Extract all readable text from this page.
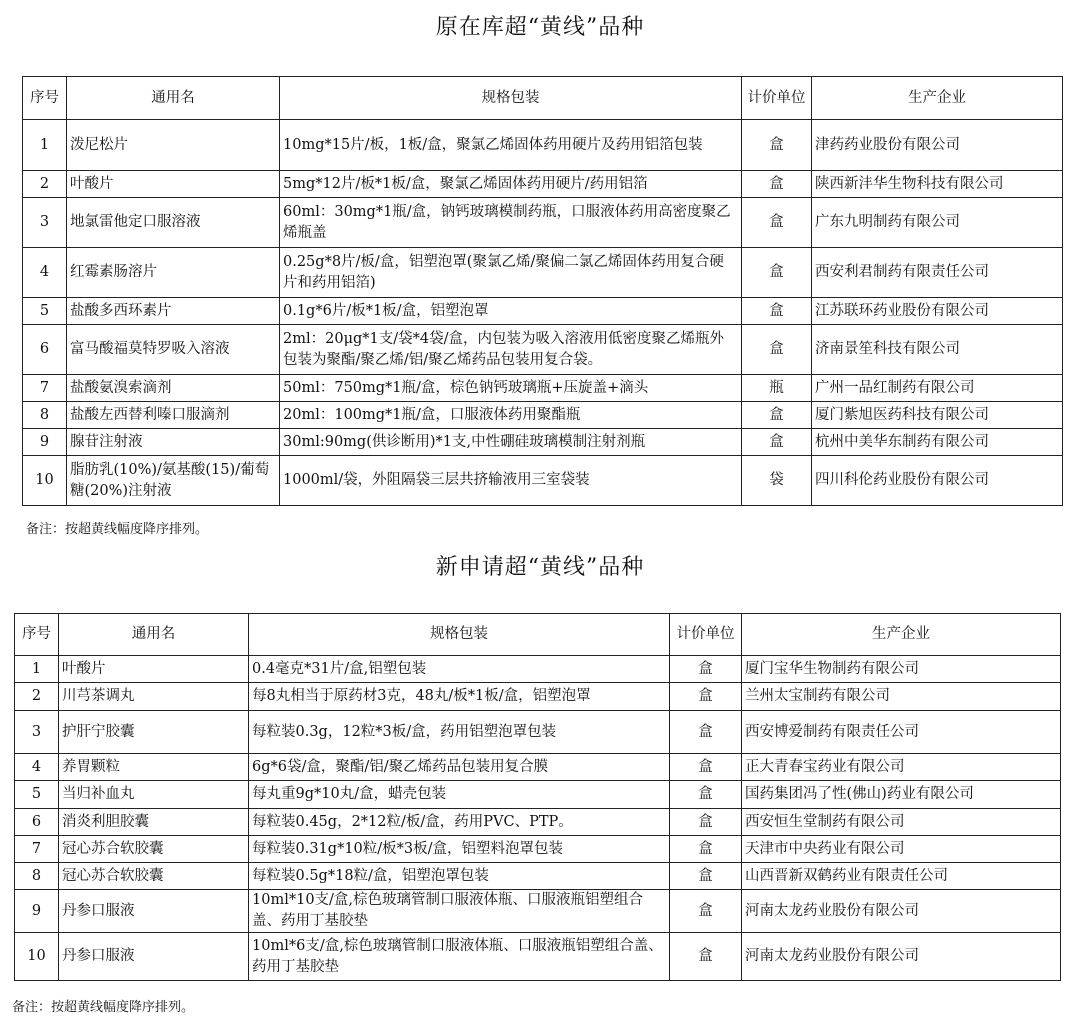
原在库超“黄线”品种
序号	通用名	规格包装	计价单位	生产企业
1	泼尼松片	10mg*15片/板，1板/盒，聚氯乙烯固体药用硬片及药用铝箔包装	盒	津药药业股份有限公司
2	叶酸片	5mg*12片/板*1板/盒，聚氯乙烯固体药用硬片/药用铝箔	盒	陕西新沣华生物科技有限公司
3	地氯雷他定口服溶液	60ml：30mg*1瓶/盒，钠钙玻璃模制药瓶，口服液体药用高密度聚乙烯瓶盖	盒	广东九明制药有限公司
4	红霉素肠溶片	0.25g*8片/板/盒，铝塑泡罩(聚氯乙烯/聚偏二氯乙烯固体药用复合硬片和药用铝箔)	盒	西安利君制药有限责任公司
5	盐酸多西环素片	0.1g*6片/板*1板/盒，铝塑泡罩	盒	江苏联环药业股份有限公司
6	富马酸福莫特罗吸入溶液	2ml：20μg*1支/袋*4袋/盒，内包装为吸入溶液用低密度聚乙烯瓶外包装为聚酯/聚乙烯/铝/聚乙烯药品包装用复合袋。	盒	济南景笙科技有限公司
7	盐酸氨溴索滴剂	50ml：750mg*1瓶/盒，棕色钠钙玻璃瓶+压旋盖+滴头	瓶	广州一品红制药有限公司
8	盐酸左西替利嗪口服滴剂	20ml：100mg*1瓶/盒，口服液体药用聚酯瓶	盒	厦门紫旭医药科技有限公司
9	腺苷注射液	30ml:90mg(供诊断用)*1支,中性硼硅玻璃模制注射剂瓶	盒	杭州中美华东制药有限公司
10	脂肪乳(10%)/氨基酸(15)/葡萄糖(20%)注射液	1000ml/袋，外阻隔袋三层共挤输液用三室袋装	袋	四川科伦药业股份有限公司
备注：按超黄线幅度降序排列。
新申请超“黄线”品种
序号	通用名	规格包装	计价单位	生产企业
1	叶酸片	0.4毫克*31片/盒,铝塑包装	盒	厦门宝华生物制药有限公司
2	川芎茶调丸	每8丸相当于原药材3克，48丸/板*1板/盒，铝塑泡罩	盒	兰州太宝制药有限公司
3	护肝宁胶囊	每粒装0.3g，12粒*3板/盒，药用铝塑泡罩包装	盒	西安博爱制药有限责任公司
4	养胃颗粒	6g*6袋/盒，聚酯/铝/聚乙烯药品包装用复合膜	盒	正大青春宝药业有限公司
5	当归补血丸	每丸重9g*10丸/盒，蜡壳包装	盒	国药集团冯了性(佛山)药业有限公司
6	消炎利胆胶囊	每粒装0.45g，2*12粒/板/盒，药用PVC、PTP。	盒	西安恒生堂制药有限公司
7	冠心苏合软胶囊	每粒装0.31g*10粒/板*3板/盒，铝塑料泡罩包装	盒	天津市中央药业有限公司
8	冠心苏合软胶囊	每粒装0.5g*18粒/盒，铝塑泡罩包装	盒	山西晋新双鹤药业有限责任公司
9	丹参口服液	10ml*10支/盒,棕色玻璃管制口服液体瓶、口服液瓶铝塑组合盖、药用丁基胶垫	盒	河南太龙药业股份有限公司
10	丹参口服液	10ml*6支/盒,棕色玻璃管制口服液体瓶、口服液瓶铝塑组合盖、药用丁基胶垫	盒	河南太龙药业股份有限公司
备注：按超黄线幅度降序排列。
